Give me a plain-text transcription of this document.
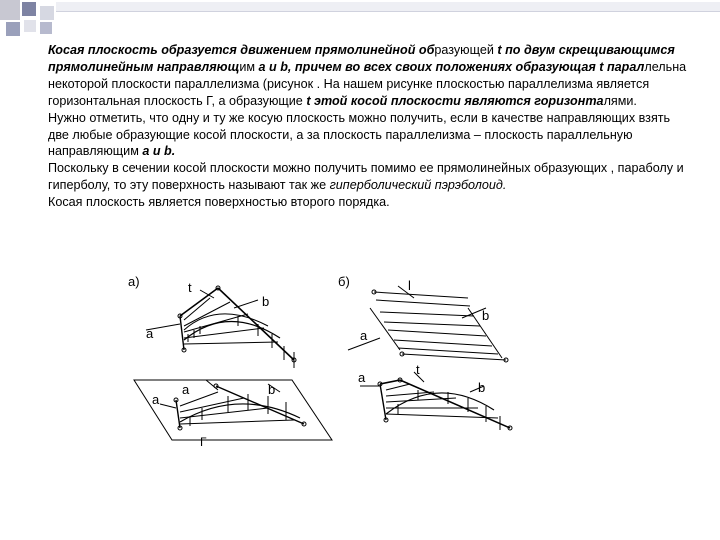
Косая плоскость образуется движением прямолинейной образующей t по двум скрещивающимся прямолинейным направляющим а и b, причем во всех своих положениях образующая t параллельна некоторой плоскости параллелизма (рисунок . На нашем рисунке плоскостью параллелизма является горизонтальная плоскость Г, а образующие t этой косой плоскости являются горизонталями.

Нужно отметить, что одну и ту же косую плоскость можно получить, если в качестве направляющих взять две любые образующие косой плоскости, а за плоскость параллелизма – плоскость параллельную направляющим а и b.

Поскольку в сечении косой плоскости можно получить помимо ее прямолинейных образующих , параболу и гиперболу, то эту поверхность называют так же гиперболический пэрэболоид.

Косая плоскость является поверхностью второго порядка.

а)	t
b
a
б)	l
a
b
a
b
a
Г
a
t
b
